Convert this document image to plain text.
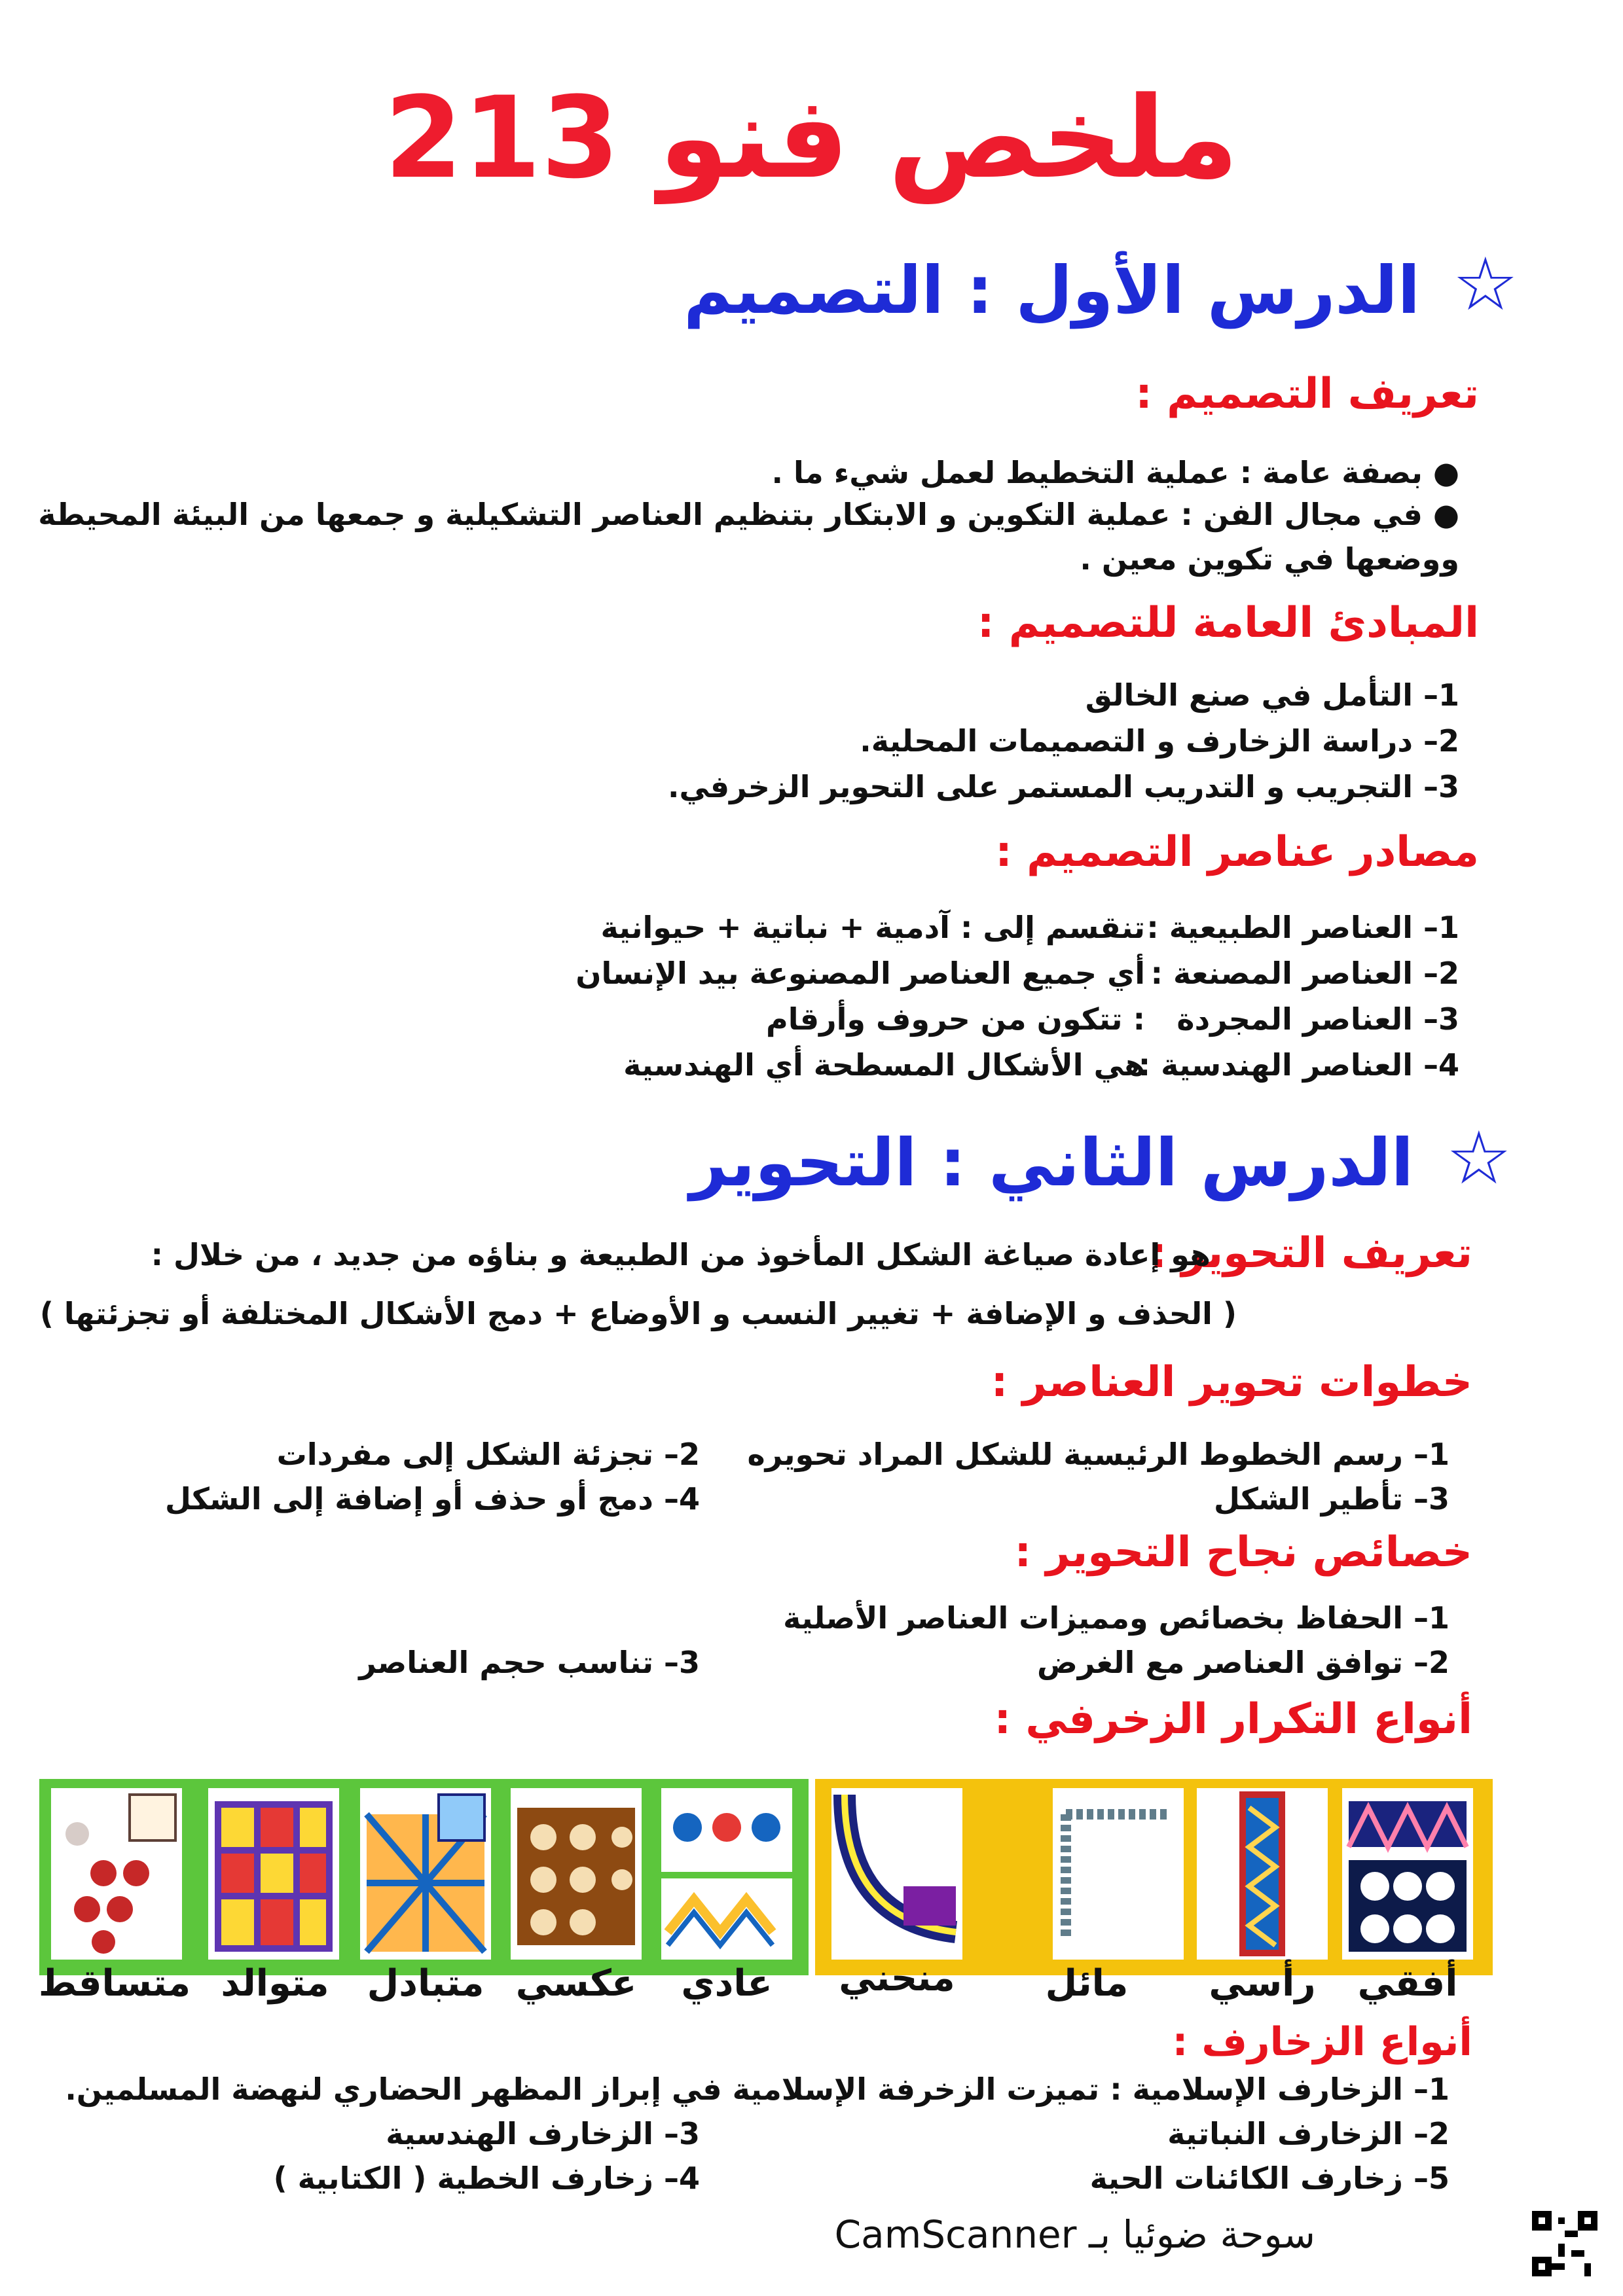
ملخص فنو 213
☆
الدرس الأول : التصميم
تعريف التصميم :
● بصفة عامة : عملية التخطيط لعمل شيء ما .
● في مجال الفن : عملية التكوين و الابتكار بتنظيم العناصر التشكيلية و جمعها من البيئة المحيطة
ووضعها في تكوين معين .
المبادئ العامة للتصميم :
1– التأمل في صنع الخالق
2– دراسة الزخارف و التصميمات المحلية.
3– التجريب و التدريب المستمر على التحوير الزخرفي.
مصادر عناصر التصميم :
1– العناصر الطبيعية :
تنقسم إلى : آدمية + نباتية + حيوانية
2– العناصر المصنعة :
أي جميع العناصر المصنوعة بيد الإنسان
3– العناصر المجردة
: تتكون من حروف وأرقام
4– العناصر الهندسية :
هي الأشكال المسطحة أي الهندسية
☆
الدرس الثاني : التحوير
تعريف التحوير :
هو إعادة صياغة الشكل المأخوذ من الطبيعة و بناؤه من جديد ، من خلال :
( الحذف و الإضافة + تغيير النسب و الأوضاع + دمج الأشكال المختلفة أو تجزئتها )
خطوات تحوير العناصر :
1– رسم الخطوط الرئيسية للشكل المراد تحويره
2– تجزئة الشكل إلى مفردات
3– تأطير الشكل
4– دمج أو حذف أو إضافة إلى الشكل
خصائص نجاح التحوير :
1– الحفاظ بخصائص ومميزات العناصر الأصلية
2– توافق العناصر مع الغرض
3– تناسب حجم العناصر
أنواع التكرار الزخرفي :
أفقي
رأسي
مائل
منحني
عادي
عكسي
متبادل
متوالد
متساقط
أنواع الزخارف :
1– الزخارف الإسلامية : تميزت الزخرفة الإسلامية في إبراز المظهر الحضاري لنهضة المسلمين.
2– الزخارف النباتية
3– الزخارف الهندسية
4– زخارف الخطية ( الكتابية )	5– زخارف الكائنات الحية
سوحة ضوئيا بـ CamScanner
